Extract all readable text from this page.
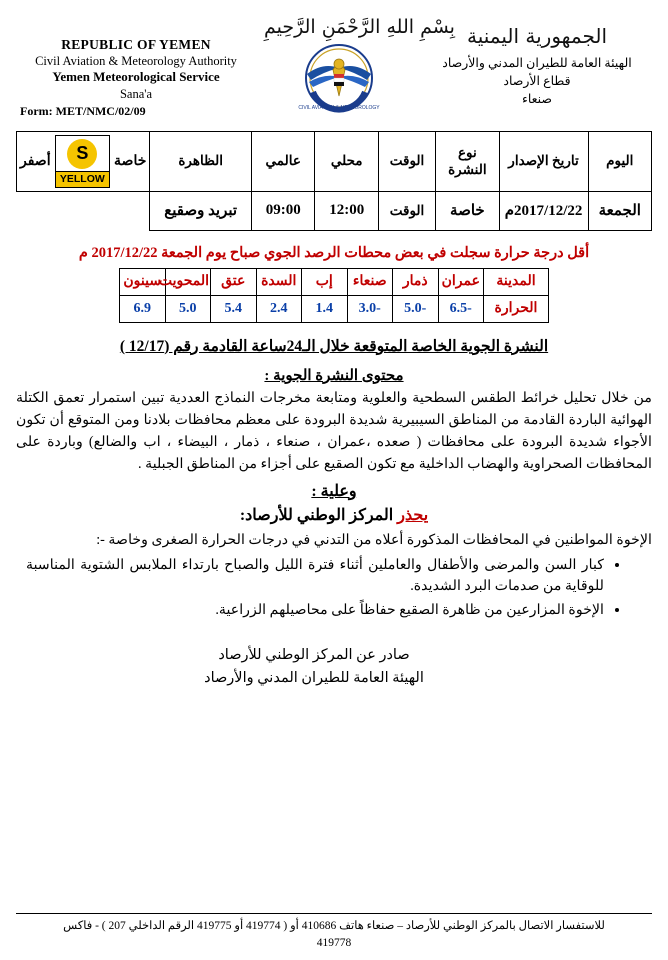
REPUBLIC OF YEMEN
Civil Aviation & Meteorology Authority
Yemen Meteorological Service
Sana'a
Form: MET/NMC/02/09
بِسْمِ اللهِ الرَّحْمَنِ الرَّحِيمِ
CIVIL AVIATION & METEOROLOGY
الجمهورية اليمنية
الهيئة العامة للطيران المدني والأرصاد
قطاع الأرصاد
صنعاء
اليوم	تاريخ الإصدار	نوع النشرة	الوقت	محلي	عالمي	الظاهرة	خاصة
S
YELLOW
أصفر

الجمعة	2017/12/22م	خاصة	الوقت	12:00	09:00	تبريد وصقيع	
أقل درجة حرارة سجلت في بعض محطات الرصد الجوي صباح يوم الجمعة 2017/12/22 م
المدينة	عمران	ذمار	صنعاء	إب	السدة	عتق	المحويت	سينون
الحرارة	-6.5	-5.0	-3.0	1.4	2.4	5.4	5.0	6.9
النشرة الجوية الخاصة المتوقعة خلال الـ24ساعة القادمة رقم (12/17 )
محتوى النشرة الجوية :
من خلال تحليل خرائط الطقس السطحية والعلوية ومتابعة مخرجات النماذج العددية تبين استمرار تعمق الكتلة الهوائية الباردة القادمة من المناطق السيبيرية شديدة البرودة على معظم محافظات بلادنا ومن المتوقع أن تكون الأجواء شديدة البرودة على محافظات ( صعده ،عمران ، صنعاء ، ذمار ، البيضاء ، اب والضالع) وباردة على المحافظات الصحراوية والهضاب الداخلية مع تكون الصقيع على أجزاء من المناطق الجبلية .
وعلية :
يحذر المركز الوطني للأرصاد:
الإخوة المواطنين في المحافظات المذكورة أعلاه من التدني في درجات الحرارة الصغرى وخاصة -:
• كبار السن والمرضى والأطفال والعاملين أثناء فترة الليل والصباح بارتداء الملابس الشتوية المناسبة للوقاية من صدمات البرد الشديدة.
• الإخوة المزارعين من ظاهرة الصقيع حفاظاً على محاصيلهم الزراعية.
صادر عن المركز الوطني للأرصاد
الهيئة العامة للطيران المدني والأرصاد
للاستفسار الاتصال بالمركز الوطني للأرصاد – صنعاء هاتف 410686 أو ( 419774 أو 419775 الرقم الداخلي 207 ) - فاكس
419778
